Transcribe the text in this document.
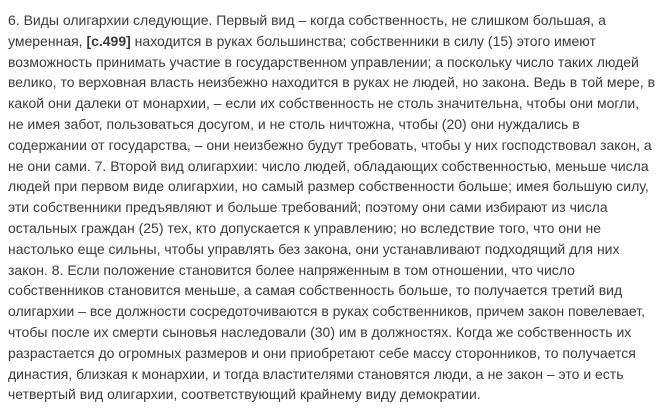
6. Виды олигархии следующие. Первый вид – когда собственность, не слишком большая, а
умеренная, [с.499] находится в руках большинства; собственники в силу (15) этого имеют
возможность принимать участие в государственном управлении; а поскольку число таких людей
велико, то верховная власть неизбежно находится в руках не людей, но закона. Ведь в той мере, в
какой они далеки от монархии, – если их собственность не столь значительна, чтобы они могли,
не имея забот, пользоваться досугом, и не столь ничтожна, чтобы (20) они нуждались в
содержании от государства, – они неизбежно будут требовать, чтобы у них господствовал закон, а
не они сами. 7. Второй вид олигархии: число людей, обладающих собственностью, меньше числа
людей при первом виде олигархии, но самый размер собственности больше; имея большую силу,
эти собственники предъявляют и больше требований; поэтому они сами избирают из числа
остальных граждан (25) тех, кто допускается к управлению; но вследствие того, что они не
настолько еще сильны, чтобы управлять без закона, они устанавливают подходящий для них
закон. 8. Если положение становится более напряженным в том отношении, что число
собственников становится меньше, а самая собственность больше, то получается третий вид
олигархии – все должности сосредоточиваются в руках собственников, причем закон повелевает,
чтобы после их смерти сыновья наследовали (30) им в должностях. Когда же собственность их
разрастается до огромных размеров и они приобретают себе массу сторонников, то получается
династия, близкая к монархии, и тогда властителями становятся люди, а не закон – это и есть
четвертый вид олигархии, соответствующий крайнему виду демократии.
